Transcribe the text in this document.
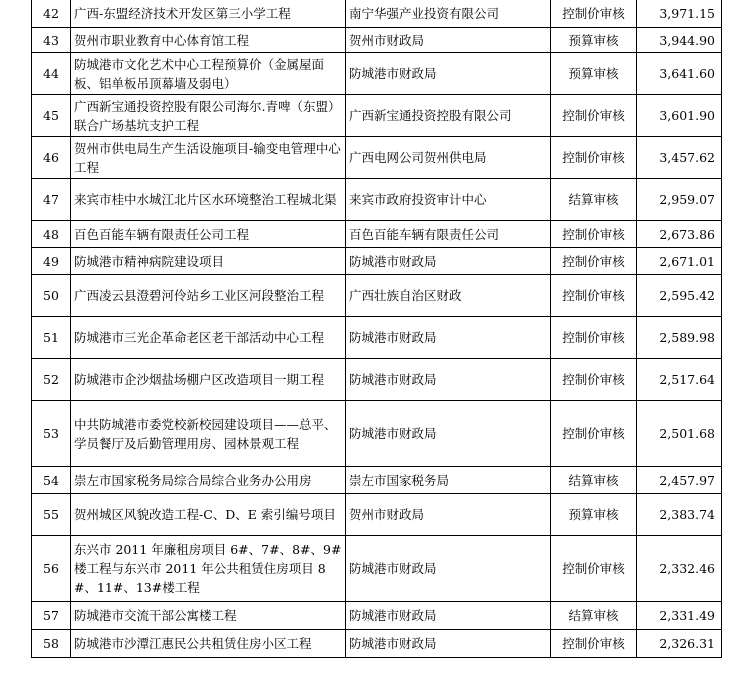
42	广西-东盟经济技术开发区第三小学工程	南宁华强产业投资有限公司	控制价审核	3,971.15
43	贺州市职业教育中心体育馆工程	贺州市财政局	预算审核	3,944.90
44	防城港市文化艺术中心工程预算价（金属屋面板、铝单板吊顶幕墙及弱电）	防城港市财政局	预算审核	3,641.60
45	广西新宝通投资控股有限公司海尔.青啤（东盟）联合广场基坑支护工程	广西新宝通投资控股有限公司	控制价审核	3,601.90
46	贺州市供电局生产生活设施项目-输变电管理中心工程	广西电网公司贺州供电局	控制价审核	3,457.62
47	来宾市桂中水城江北片区水环境整治工程城北渠	来宾市政府投资审计中心	结算审核	2,959.07
48	百色百能车辆有限责任公司工程	百色百能车辆有限责任公司	控制价审核	2,673.86
49	防城港市精神病院建设项目	防城港市财政局	控制价审核	2,671.01
50	广西凌云县澄碧河伶站乡工业区河段整治工程	广西壮族自治区财政	控制价审核	2,595.42
51	防城港市三光企革命老区老干部活动中心工程	防城港市财政局	控制价审核	2,589.98
52	防城港市企沙烟盐场棚户区改造项目一期工程	防城港市财政局	控制价审核	2,517.64
53	中共防城港市委党校新校园建设项目——总平、学员餐厅及后勤管理用房、园林景观工程	防城港市财政局	控制价审核	2,501.68
54	崇左市国家税务局综合局综合业务办公用房	崇左市国家税务局	结算审核	2,457.97
55	贺州城区风貌改造工程-C、D、E 索引编号项目	贺州市财政局	预算审核	2,383.74
56	东兴市 2011 年廉租房项目 6#、7#、8#、9#楼工程与东兴市 2011 年公共租赁住房项目 8#、11#、13#楼工程	防城港市财政局	控制价审核	2,332.46
57	防城港市交流干部公寓楼工程	防城港市财政局	结算审核	2,331.49
58	防城港市沙潭江惠民公共租赁住房小区工程	防城港市财政局	控制价审核	2,326.31
